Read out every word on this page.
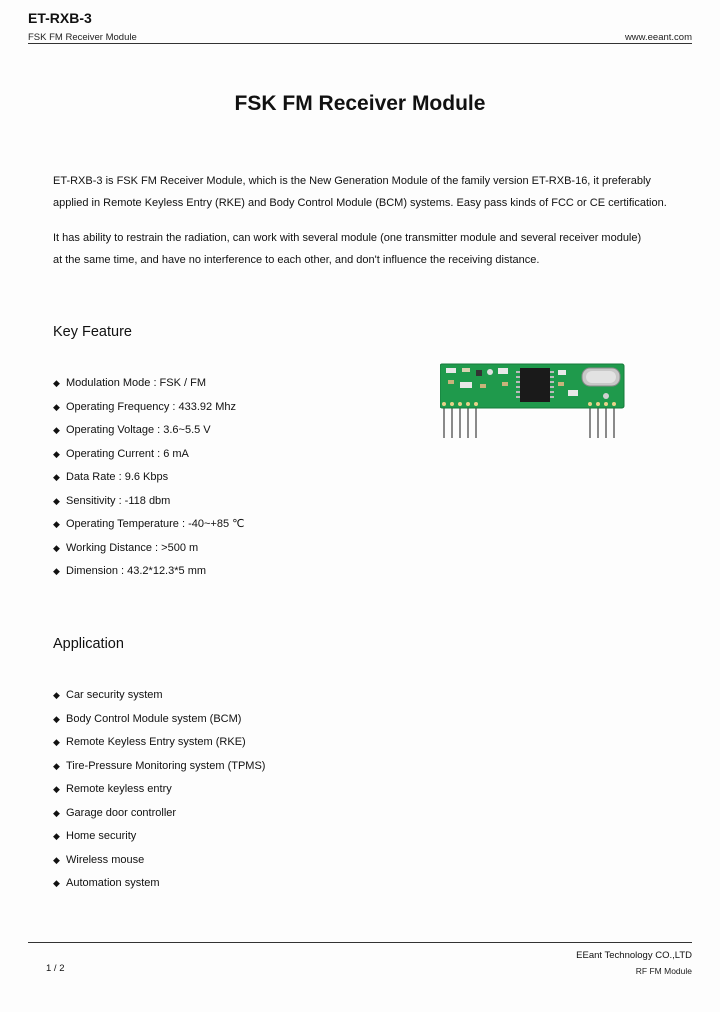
ET-RXB-3
FSK FM Receiver Module	www.eeant.com
FSK FM Receiver Module
ET-RXB-3 is FSK FM Receiver Module, which is the New Generation Module of the family version ET-RXB-16, it preferably
applied in Remote Keyless Entry (RKE) and Body Control Module (BCM) systems. Easy pass kinds of FCC or CE certification.
It has ability to restrain the radiation, can work with several module (one transmitter module and several receiver module)
at the same time, and have no interference to each other, and don't influence the receiving distance.
Key Feature
◆ Modulation Mode : FSK / FM
◆ Operating Frequency : 433.92 Mhz
◆ Operating Voltage : 3.6~5.5 V
◆ Operating Current : 6 mA
◆ Data Rate : 9.6 Kbps
◆ Sensitivity : -118 dbm
◆ Operating Temperature : -40~+85 ℃
◆ Working Distance : >500 m
◆ Dimension : 43.2*12.3*5 mm
Application
◆ Car security system
◆ Body Control Module system (BCM)
◆ Remote Keyless Entry system (RKE)
◆ Tire-Pressure Monitoring system (TPMS)
◆ Remote keyless entry
◆ Garage door controller
◆ Home security
◆ Wireless mouse
◆ Automation system
EEant Technology CO.,LTD
1 / 2	RF FM Module
